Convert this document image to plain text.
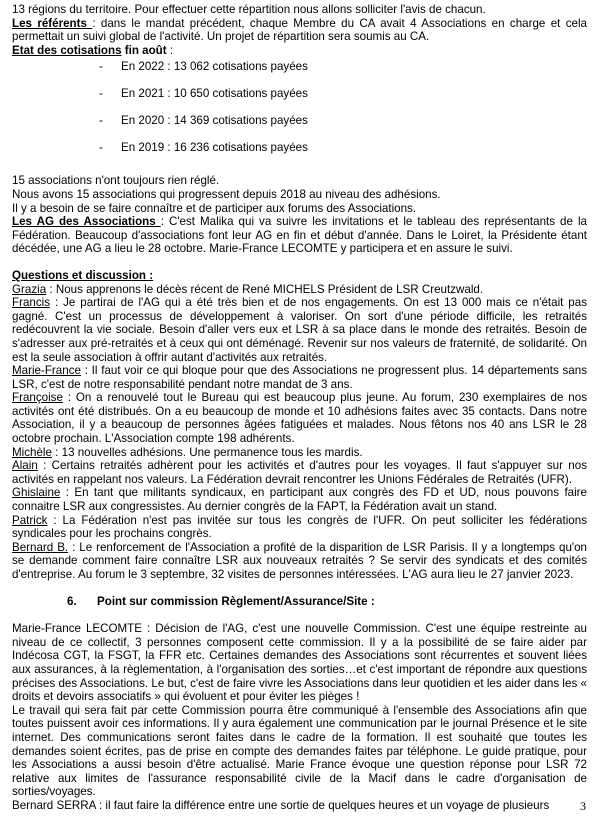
13 régions du territoire. Pour effectuer cette répartition nous allons solliciter l'avis de chacun.

Les référents : dans le mandat précédent, chaque Membre du CA avait 4 Associations en charge et cela permettait un suivi global de l'activité. Un projet de répartition sera soumis au CA.

Etat des cotisations fin août :

- En 2022 : 13 062 cotisations payées
- En 2021 : 10 650 cotisations payées
- En 2020 : 14 369 cotisations payées
- En 2019 : 16 236 cotisations payées

15 associations n'ont toujours rien réglé.

Nous avons 15 associations qui progressent depuis 2018 au niveau des adhésions.

Il y a besoin de se faire connaître et de participer aux forums des Associations.

Les AG des Associations : C'est Malika qui va suivre les invitations et le tableau des représentants de la Fédération. Beaucoup d'associations font leur AG en fin et début d'année. Dans le Loiret, la Présidente étant décédée, une AG a lieu le 28 octobre. Marie-France LECOMTE y participera et en assure le suivi.

Questions et discussion :

Grazia : Nous apprenons le décès récent de René MICHELS Président de LSR Creutzwald.

Francis : Je partirai de l'AG qui a été très bien et de nos engagements. On est 13 000 mais ce n'était pas gagné. C'est un processus de développement à valoriser. On sort d'une période difficile, les retraités redécouvrent la vie sociale. Besoin d'aller vers eux et LSR à sa place dans le monde des retraités. Besoin de s'adresser aux pré-retraités et à ceux qui ont déménagé. Revenir sur nos valeurs de fraternité, de solidarité. On est la seule association à offrir autant d'activités aux retraités.

Marie-France : Il faut voir ce qui bloque pour que des Associations ne progressent plus. 14 départements sans LSR, c'est de notre responsabilité pendant notre mandat de 3 ans.

Françoise : On a renouvelé tout le Bureau qui est beaucoup plus jeune. Au forum, 230 exemplaires de nos activités ont été distribués. On a eu beaucoup de monde et 10 adhésions faites avec 35 contacts. Dans notre Association, il y a beaucoup de personnes âgées fatiguées et malades. Nous fêtons nos 40 ans LSR le 28 octobre prochain. L'Association compte 198 adhérents.

Michèle : 13 nouvelles adhésions. Une permanence tous les mardis.

Alain : Certains retraités adhèrent pour les activités et d'autres pour les voyages. Il faut s'appuyer sur nos activités en rappelant nos valeurs. La Fédération devrait rencontrer les Unions Fédérales de Retraités (UFR).

Ghislaine : En tant que militants syndicaux, en participant aux congrès des FD et UD, nous pouvons faire connaitre LSR aux congressistes. Au dernier congrès de la FAPT, la Fédération avait un stand.

Patrick : La Fédération n'est pas invitée sur tous les congrès de l'UFR. On peut solliciter les fédérations syndicales pour les prochains congrès.

Bernard B. : Le renforcement de l'Association a profité de la disparition de LSR Parisis. Il y a longtemps qu'on se demande comment faire connaître LSR aux nouveaux retraités ? Se servir des syndicats et des comités d'entreprise. Au forum le 3 septembre, 32 visites de personnes intéressées. L'AG aura lieu le 27 janvier 2023.

6. Point sur commission Règlement/Assurance/Site :

Marie-France LECOMTE : Décision de l'AG, c'est une nouvelle Commission. C'est une équipe restreinte au niveau de ce collectif, 3 personnes composent cette commission. Il y a la possibilité de se faire aider par Indécosa CGT, la FSGT, la FFR etc. Certaines demandes des Associations sont récurrentes et souvent liées aux assurances, à la règlementation, à l'organisation des sorties…et c'est important de répondre aux questions précises des Associations. Le but, c'est de faire vivre les Associations dans leur quotidien et les aider dans les « droits et devoirs associatifs » qui évoluent et pour éviter les pièges !

Le travail qui sera fait par cette Commission pourra être communiqué à l'ensemble des Associations afin que toutes puissent avoir ces informations. Il y aura également une communication par le journal Présence et le site internet. Des communications seront faites dans le cadre de la formation. Il est souhaité que toutes les demandes soient écrites, pas de prise en compte des demandes faites par téléphone. Le guide pratique, pour les Associations a aussi besoin d'être actualisé. Marie France évoque une question réponse pour LSR 72 relative aux limites de l'assurance responsabilité civile de la Macif dans le cadre d'organisation de sorties/voyages.

Bernard SERRA : il faut faire la différence entre une sortie de quelques heures et un voyage de plusieurs	3
